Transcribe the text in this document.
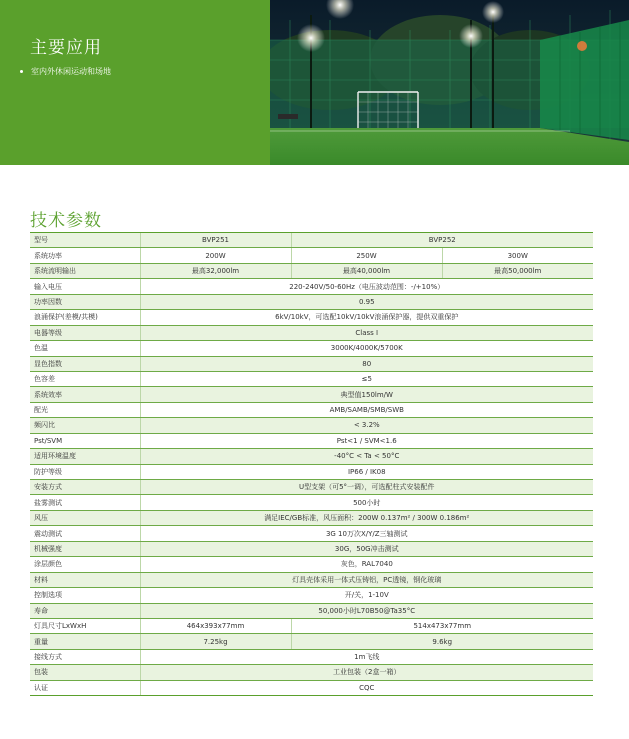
主要应用
室内外休闲运动和场地
技术参数
型号	BVP251	BVP252	
系统功率	200W	250W	300W
系统流明输出	最高32,000lm	最高40,000lm	最高50,000lm
输入电压	220-240V/50-60Hz（电压波动范围：-/+10%）		
功率因数	0.95		
浪涌保护(差模/共模)	6kV/10kV，可选配10kV/10kV浪涌保护器，提供双重保护		
电器等级	Class I		
色温	3000K/4000K/5700K		
显色指数	80		
色容差	≤5		
系统效率	典型值150lm/W		
配光	AMB/SAMB/SMB/SWB		
频闪比	< 3.2%		
Pst/SVM	Pst<1 / SVM<1.6		
适用环境温度	-40°C < Ta < 50°C		
防护等级	IP66 / IK08		
安装方式	U型支架（可5°一调），可选配柱式安装配件		
盐雾测试	500小时		
风压	满足IEC/GB标准，风压面积：200W 0.137m² / 300W 0.186m²		
震动测试	3G 10万次X/Y/Z三轴测试		
机械强度	30G，50G冲击测试		
涂层颜色	灰色，RAL7040		
材料	灯具壳体采用一体式压铸铝，PC透镜，钢化玻璃		
控制选项	开/关，1-10V		
寿命	50,000小时L70B50@Ta35°C		
灯具尺寸LxWxH	464x393x77mm	514x473x77mm	
重量	7.25kg	9.6kg	
接线方式	1m飞线		
包装	工业包装（2盒一箱）		
认证	CQC		
